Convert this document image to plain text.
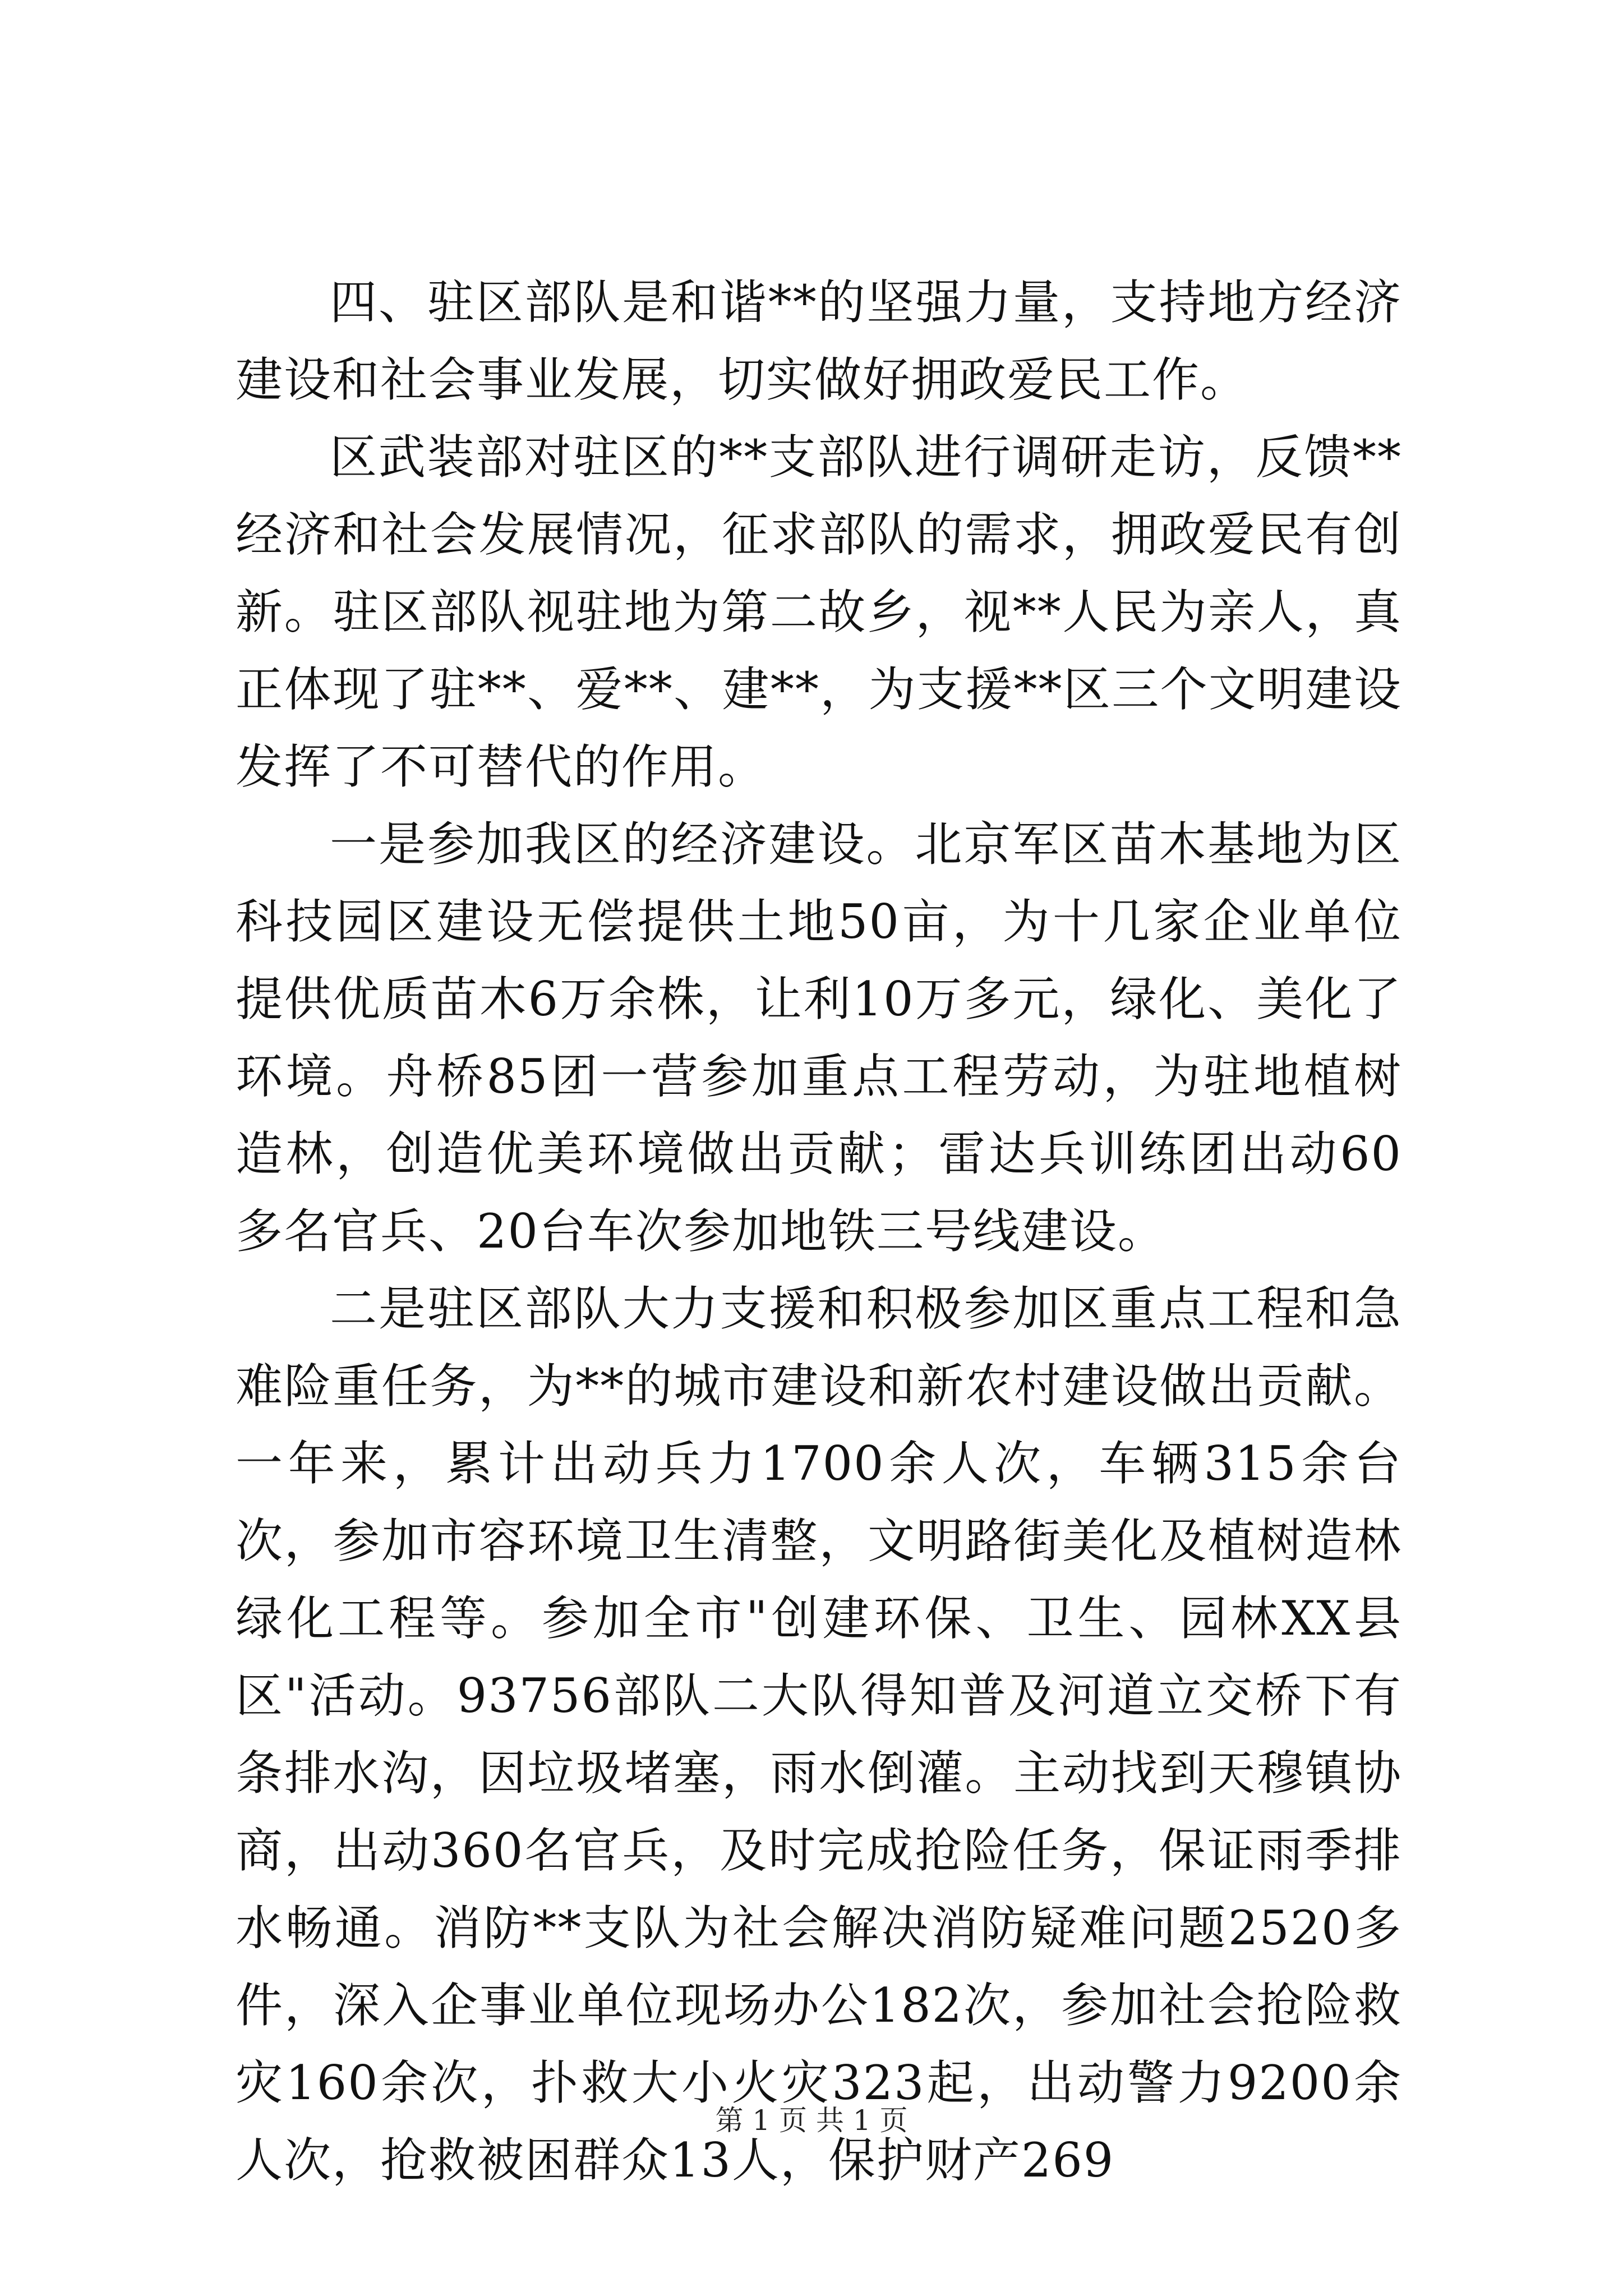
四、驻区部队是和谐**的坚强力量，支持地方经济建设和社会事业发展，切实做好拥政爱民工作。

区武装部对驻区的**支部队进行调研走访，反馈**经济和社会发展情况，征求部队的需求，拥政爱民有创新。驻区部队视驻地为第二故乡，视**人民为亲人，真正体现了驻**、爱**、建**，为支援**区三个文明建设发挥了不可替代的作用。

一是参加我区的经济建设。北京军区苗木基地为区科技园区建设无偿提供土地50亩，为十几家企业单位提供优质苗木6万余株，让利10万多元，绿化、美化了环境。舟桥85团一营参加重点工程劳动，为驻地植树造林，创造优美环境做出贡献；雷达兵训练团出动60多名官兵、20台车次参加地铁三号线建设。

二是驻区部队大力支援和积极参加区重点工程和急难险重任务，为**的城市建设和新农村建设做出贡献。一年来，累计出动兵力1700余人次，车辆315余台次，参加市容环境卫生清整，文明路街美化及植树造林绿化工程等。参加全市"创建环保、卫生、园林XX县区"活动。93756部队二大队得知普及河道立交桥下有条排水沟，因垃圾堵塞，雨水倒灌。主动找到天穆镇协商，出动360名官兵，及时完成抢险任务，保证雨季排水畅通。消防**支队为社会解决消防疑难问题2520多件，深入企事业单位现场办公182次，参加社会抢险救灾160余次，扑救大小火灾323起，出动警力9200余人次，抢救被困群众13人，保护财产269

第 1 页 共 1 页
